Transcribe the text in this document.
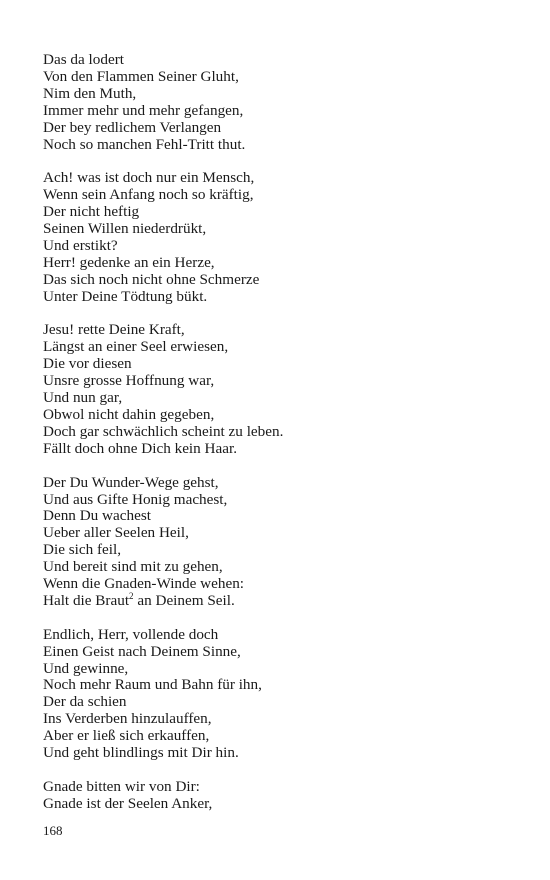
Das da lodert
Von den Flammen Seiner Gluht,
Nim den Muth,
Immer mehr und mehr gefangen,
Der bey redlichem Verlangen
Noch so manchen Fehl-Tritt thut.
Ach! was ist doch nur ein Mensch,
Wenn sein Anfang noch so kräftig,
Der nicht heftig
Seinen Willen niederdrükt,
Und erstikt?
Herr! gedenke an ein Herze,
Das sich noch nicht ohne Schmerze
Unter Deine Tödtung bükt.
Jesu! rette Deine Kraft,
Längst an einer Seel erwiesen,
Die vor diesen
Unsre grosse Hoffnung war,
Und nun gar,
Obwol nicht dahin gegeben,
Doch gar schwächlich scheint zu leben.
Fällt doch ohne Dich kein Haar.
Der Du Wunder-Wege gehst,
Und aus Gifte Honig machest,
Denn Du wachest
Ueber aller Seelen Heil,
Die sich feil,
Und bereit sind mit zu gehen,
Wenn die Gnaden-Winde wehen:
Halt die Braut$^2$ an Deinem Seil.
Endlich, Herr, vollende doch
Einen Geist nach Deinem Sinne,
Und gewinne,
Noch mehr Raum und Bahn für ihn,
Der da schien
Ins Verderben hinzulauffen,
Aber er ließ sich erkauffen,
Und geht blindlings mit Dir hin.
Gnade bitten wir von Dir:
Gnade ist der Seelen Anker,
168
